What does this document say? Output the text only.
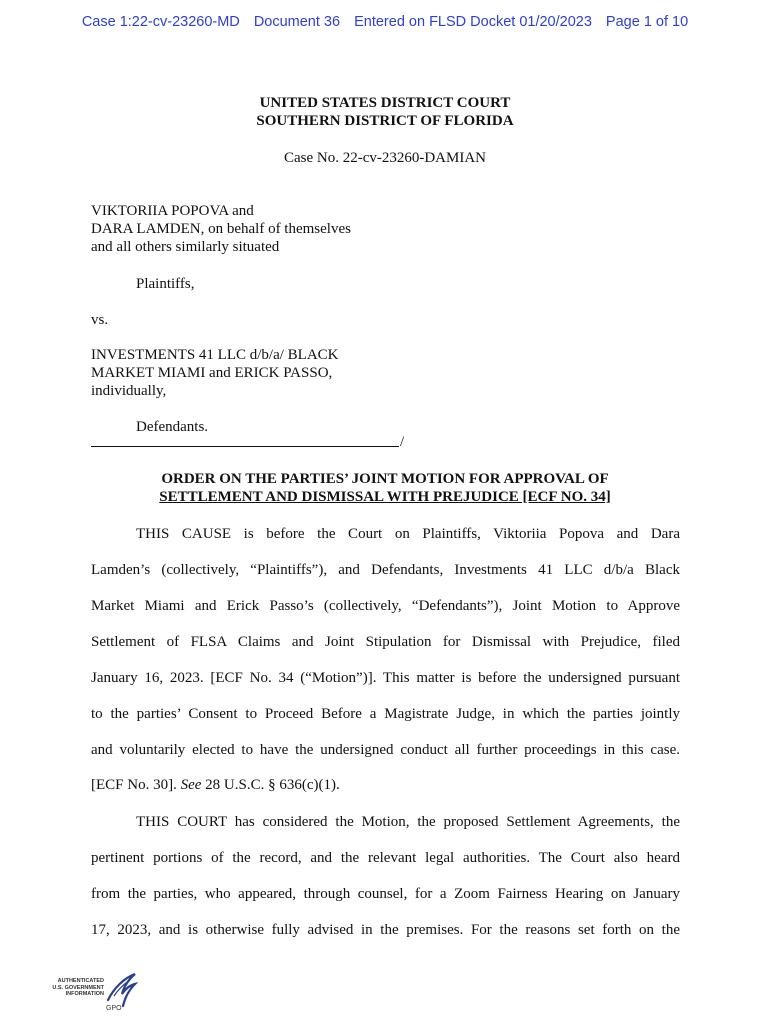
Case 1:22-cv-23260-MD Document 36 Entered on FLSD Docket 01/20/2023 Page 1 of 10
UNITED STATES DISTRICT COURT
SOUTHERN DISTRICT OF FLORIDA
Case No. 22-cv-23260-DAMIAN
VIKTORIIA POPOVA and
DARA LAMDEN, on behalf of themselves
and all others similarly situated
Plaintiffs,
vs.
INVESTMENTS 41 LLC d/b/a/ BLACK
MARKET MIAMI and ERICK PASSO,
individually,
Defendants.
/
ORDER ON THE PARTIES’ JOINT MOTION FOR APPROVAL OF
SETTLEMENT AND DISMISSAL WITH PREJUDICE [ECF NO. 34]
THIS CAUSE is before the Court on Plaintiffs, Viktoriia Popova and Dara
Lamden’s (collectively, “Plaintiffs”), and Defendants, Investments 41 LLC d/b/a Black
Market Miami and Erick Passo’s (collectively, “Defendants”), Joint Motion to Approve
Settlement of FLSA Claims and Joint Stipulation for Dismissal with Prejudice, filed
January 16, 2023. [ECF No. 34 (“Motion”)]. This matter is before the undersigned pursuant
to the parties’ Consent to Proceed Before a Magistrate Judge, in which the parties jointly
and voluntarily elected to have the undersigned conduct all further proceedings in this case.
[ECF No. 30]. See 28 U.S.C. § 636(c)(1).
THIS COURT has considered the Motion, the proposed Settlement Agreements, the
pertinent portions of the record, and the relevant legal authorities. The Court also heard
from the parties, who appeared, through counsel, for a Zoom Fairness Hearing on January
17, 2023, and is otherwise fully advised in the premises. For the reasons set forth on the
AUTHENTICATED
U.S. GOVERNMENT
INFORMATION
GPO
